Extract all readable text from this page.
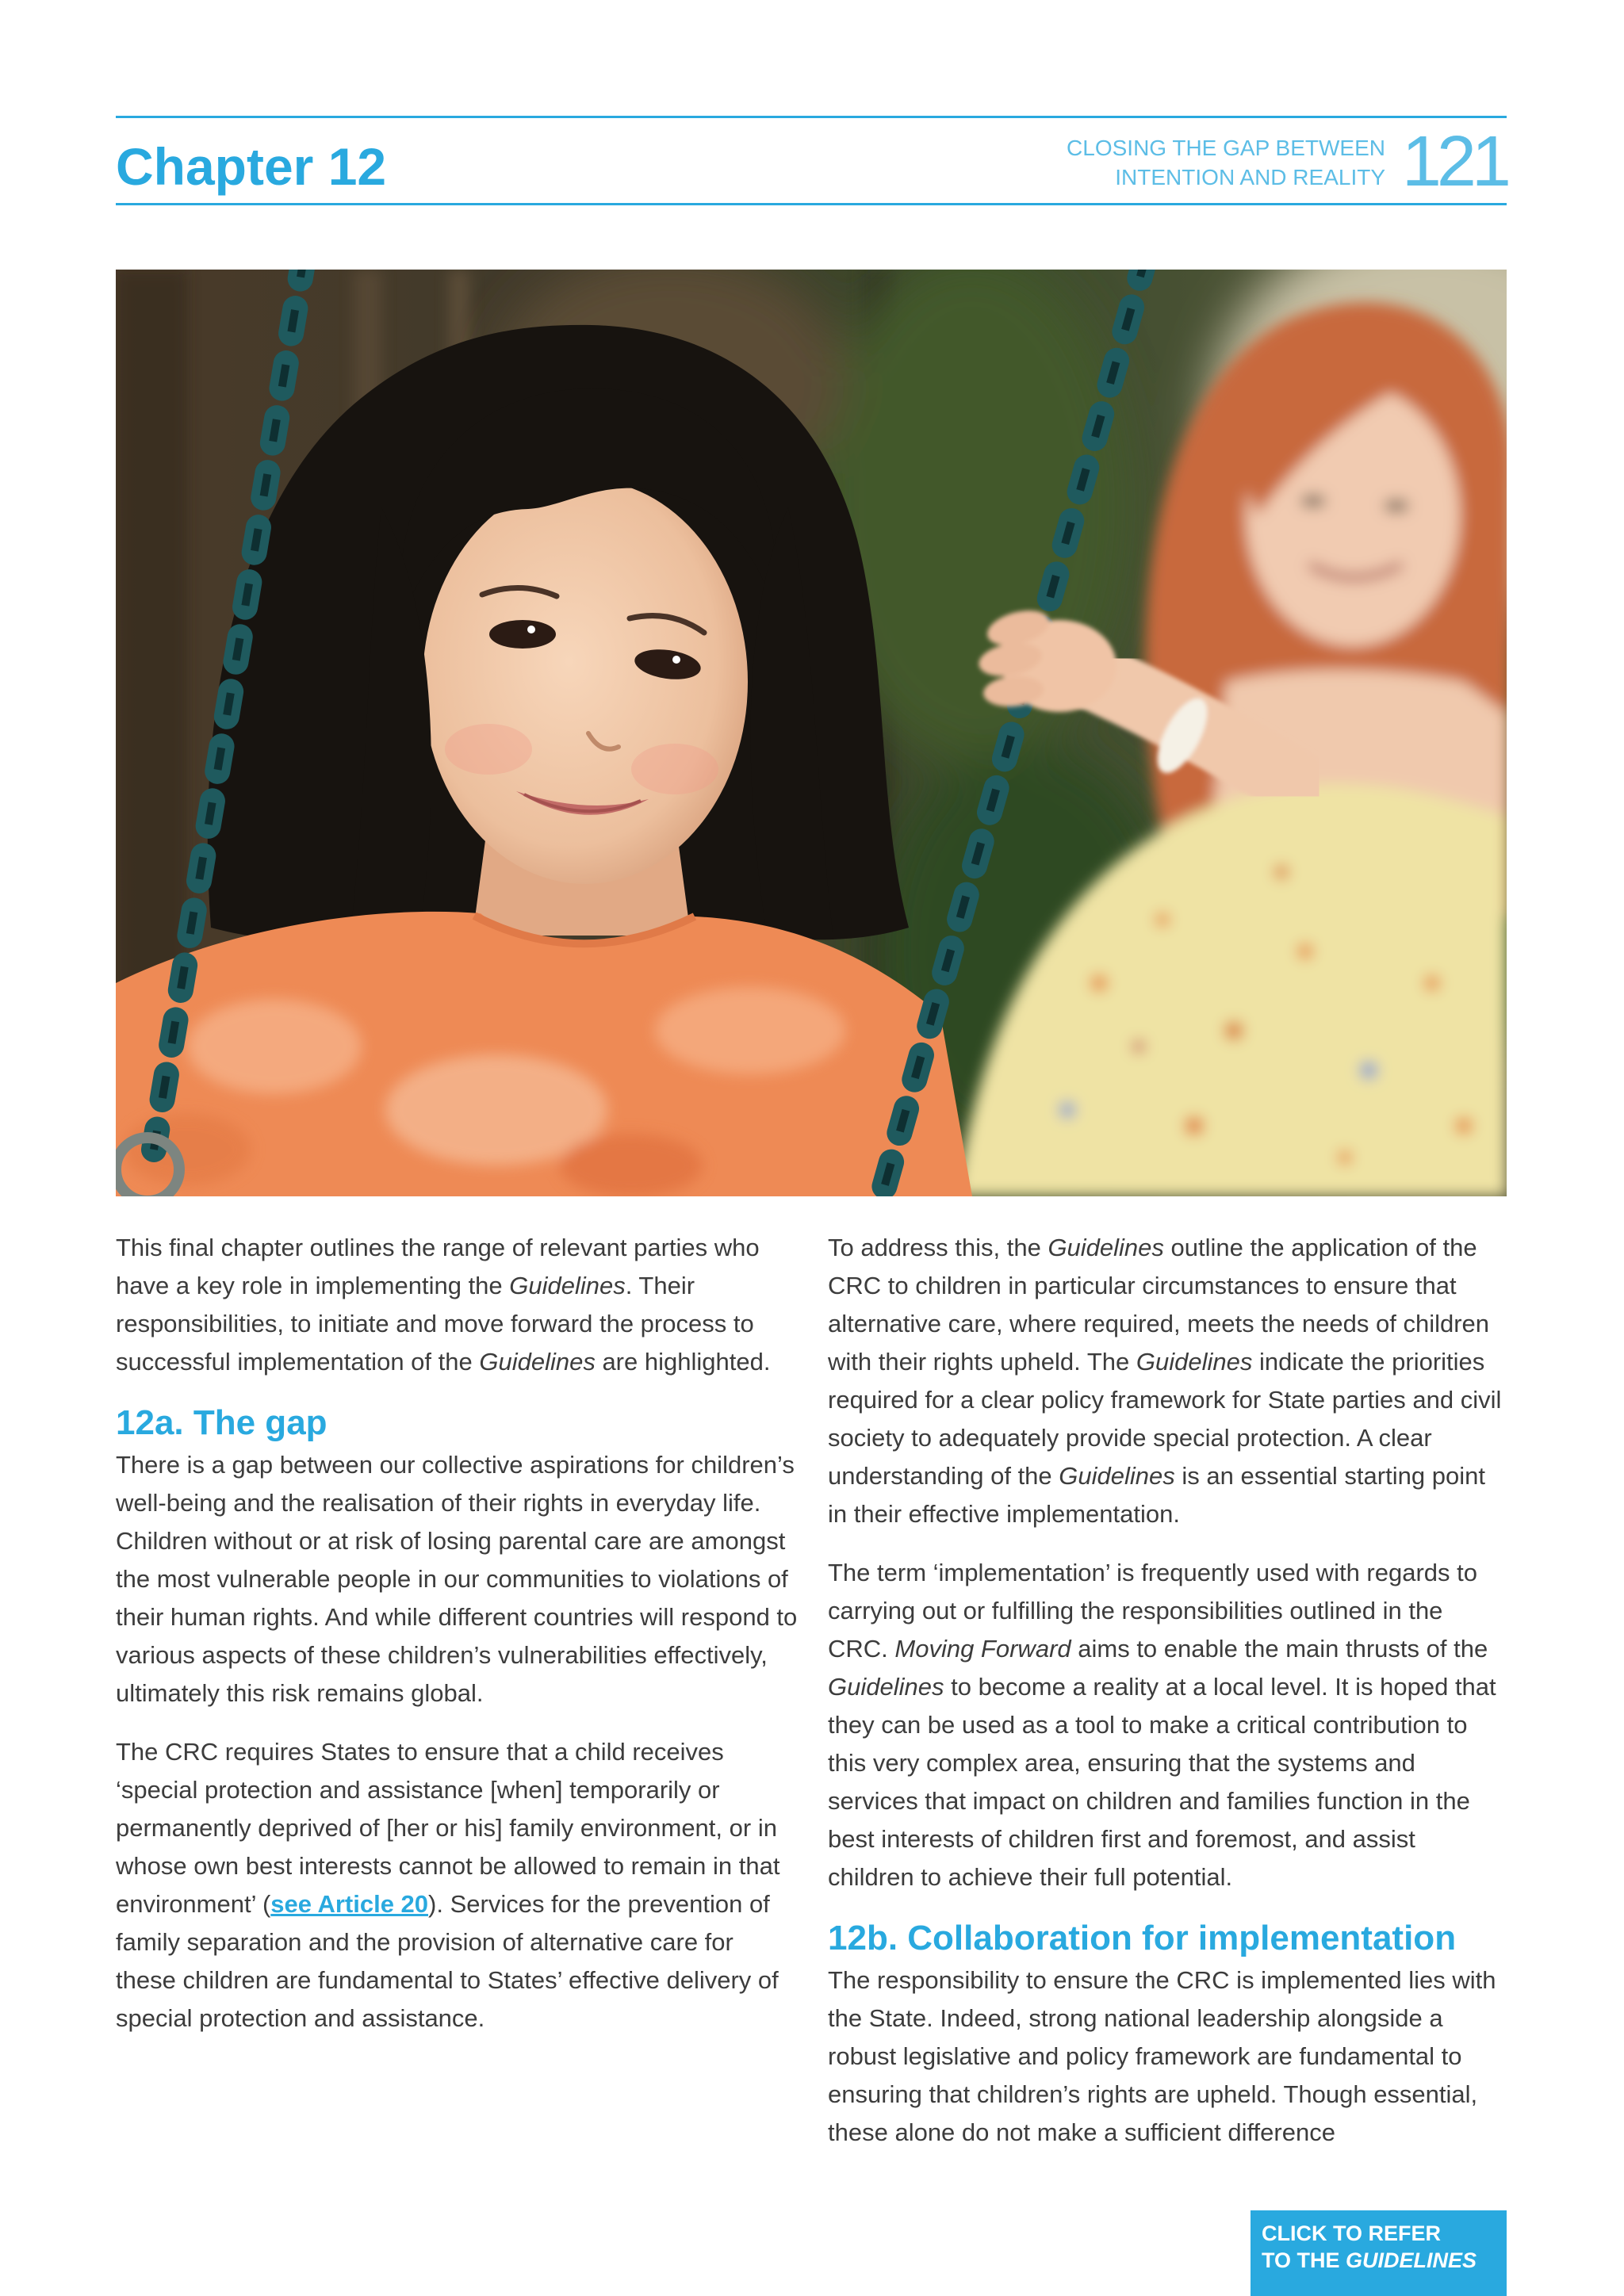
Chapter 12	CLOSING THE GAP BETWEEN
INTENTION AND REALITY 121

This final chapter outlines the range of relevant parties who have a key role in implementing the Guidelines. Their responsibilities, to initiate and move forward the process to successful implementation of the Guidelines are highlighted.

12a. The gap

There is a gap between our collective aspirations for children’s well-being and the realisation of their rights in everyday life. Children without or at risk of losing parental care are amongst the most vulnerable people in our communities to violations of their human rights. And while different countries will respond to various aspects of these children’s vulnerabilities effectively, ultimately this risk remains global.

The CRC requires States to ensure that a child receives ‘special protection and assistance [when] temporarily or permanently deprived of [her or his] family environment, or in whose own best interests cannot be allowed to remain in that environment’ (see Article 20). Services for the prevention of family separation and the provision of alternative care for these children are fundamental to States’ effective delivery of special protection and assistance.

To address this, the Guidelines outline the application of the CRC to children in particular circumstances to ensure that alternative care, where required, meets the needs of children with their rights upheld. The Guidelines indicate the priorities required for a clear policy framework for State parties and civil society to adequately provide special protection. A clear understanding of the Guidelines is an essential starting point in their effective implementation.

The term ‘implementation’ is frequently used with regards to carrying out or fulfilling the responsibilities outlined in the CRC. Moving Forward aims to enable the main thrusts of the Guidelines to become a reality at a local level. It is hoped that they can be used as a tool to make a critical contribution to this very complex area, ensuring that the systems and services that impact on children and families function in the best interests of children first and foremost, and assist children to achieve their full potential.

12b. Collaboration for implementation

The responsibility to ensure the CRC is implemented lies with the State. Indeed, strong national leadership alongside a robust legislative and policy framework are fundamental to ensuring that children’s rights are upheld. Though essential, these alone do not make a sufficient difference

CLICK TO REFER
TO THE GUIDELINES
